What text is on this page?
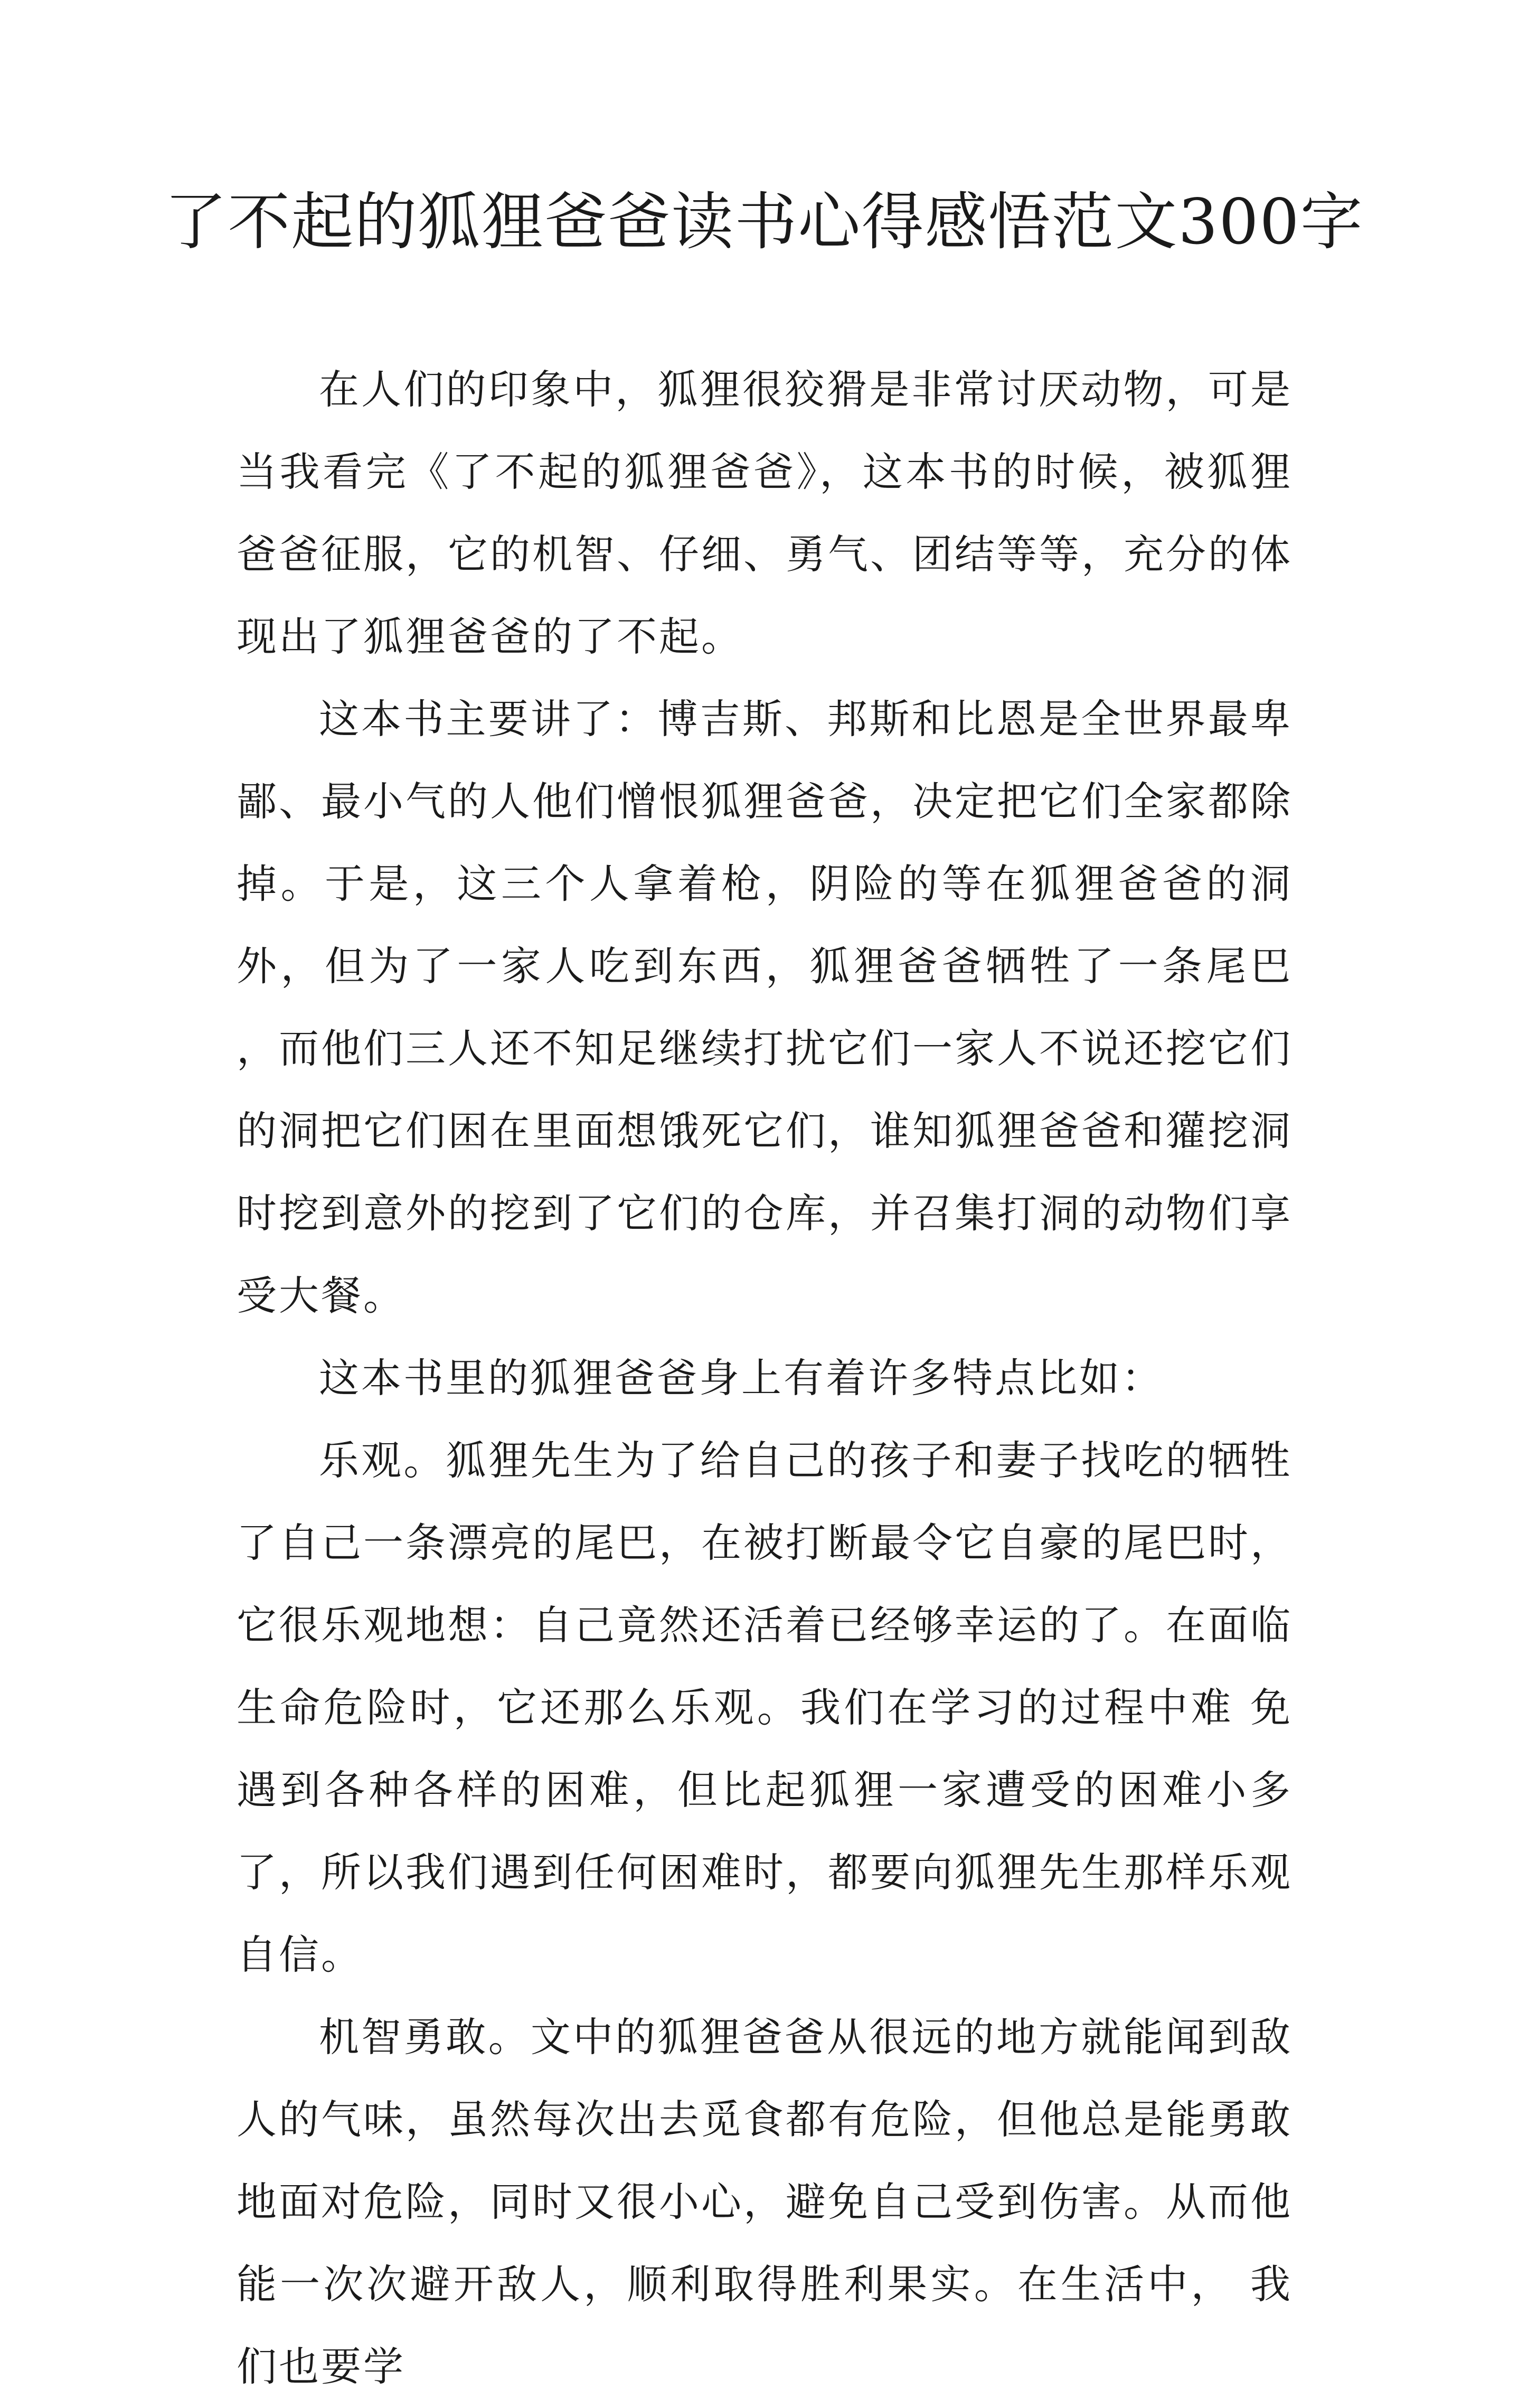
了不起的狐狸爸爸读书心得感悟范文300字

在人们的印象中，狐狸很狡猾是非常讨厌动物，可是当我看完《了不起的狐狸爸爸》，这本书的时候，被狐狸爸爸征服，它的机智、仔细、勇气、团结等等，充分的体现出了狐狸爸爸的了不起。

这本书主要讲了：博吉斯、邦斯和比恩是全世界最卑鄙、最小气的人他们憎恨狐狸爸爸，决定把它们全家都除掉。于是，这三个人拿着枪，阴险的等在狐狸爸爸的洞外，但为了一家人吃到东西，狐狸爸爸牺牲了一条尾巴 ，而他们三人还不知足继续打扰它们一家人不说还挖它们的洞把它们困在里面想饿死它们，谁知狐狸爸爸和獾挖洞时挖到意外的挖到了它们的仓库，并召集打洞的动物们享受大餐。

这本书里的狐狸爸爸身上有着许多特点比如：

乐观。狐狸先生为了给自己的孩子和妻子找吃的牺牲了自己一条漂亮的尾巴，在被打断最令它自豪的尾巴时，它很乐观地想：自己竟然还活着已经够幸运的了。在面临生命危险时，它还那么乐观。我们在学习的过程中难 免遇到各种各样的困难，但比起狐狸一家遭受的困难小多了，所以我们遇到任何困难时，都要向狐狸先生那样乐观自信。

机智勇敢。文中的狐狸爸爸从很远的地方就能闻到敌人的气味，虽然每次出去觅食都有危险，但他总是能勇敢地面对危险，同时又很小心，避免自己受到伤害。从而他能一次次避开敌人，顺利取得胜利果实。在生活中， 我们也要学
